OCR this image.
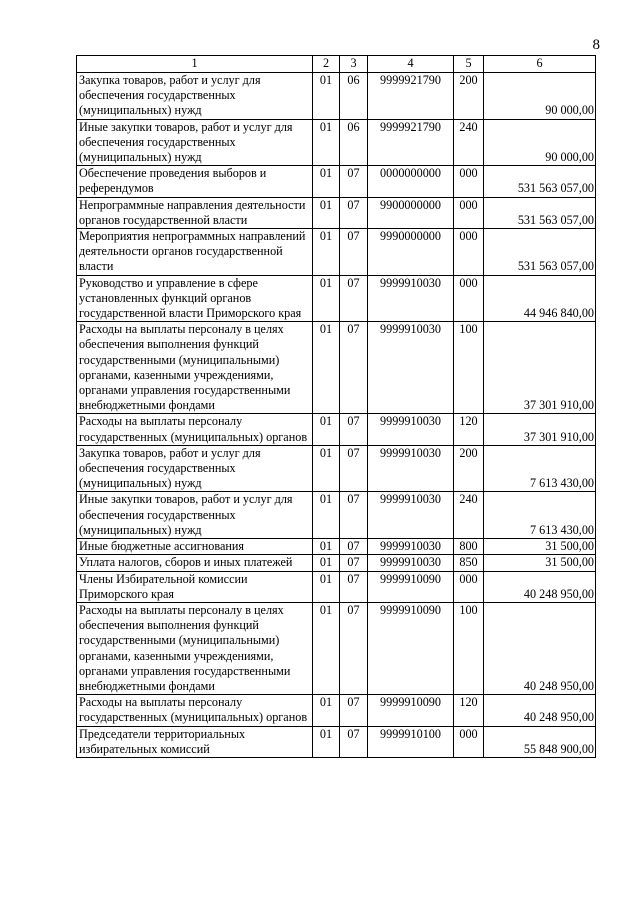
8
1	2	3	4	5	6
Закупка товаров, работ и услуг для обеспечения государственных (муниципальных) нужд	01	06	9999921790	200	90 000,00
Иные закупки товаров, работ и услуг для обеспечения государственных (муниципальных) нужд	01	06	9999921790	240	90 000,00
Обеспечение проведения выборов и референдумов	01	07	0000000000	000	531 563 057,00
Непрограммные направления деятельности органов государственной власти	01	07	9900000000	000	531 563 057,00
Мероприятия непрограммных направлений деятельности органов государственной власти	01	07	9990000000	000	531 563 057,00
Руководство и управление в сфере установленных функций органов государственной власти Приморского края	01	07	9999910030	000	44 946 840,00
Расходы на выплаты персоналу в целях обеспечения выполнения функций государственными (муниципальными) органами, казенными учреждениями, органами управления государственными внебюджетными фондами	01	07	9999910030	100	37 301 910,00
Расходы на выплаты персоналу государственных (муниципальных) органов	01	07	9999910030	120	37 301 910,00
Закупка товаров, работ и услуг для обеспечения государственных (муниципальных) нужд	01	07	9999910030	200	7 613 430,00
Иные закупки товаров, работ и услуг для обеспечения государственных (муниципальных) нужд	01	07	9999910030	240	7 613 430,00
Иные бюджетные ассигнования	01	07	9999910030	800	31 500,00
Уплата налогов, сборов и иных платежей	01	07	9999910030	850	31 500,00
Члены Избирательной комиссии Приморского края	01	07	9999910090	000	40 248 950,00
Расходы на выплаты персоналу в целях обеспечения выполнения функций государственными (муниципальными) органами, казенными учреждениями, органами управления государственными внебюджетными фондами	01	07	9999910090	100	40 248 950,00
Расходы на выплаты персоналу государственных (муниципальных) органов	01	07	9999910090	120	40 248 950,00
Председатели территориальных избирательных комиссий	01	07	9999910100	000	55 848 900,00
